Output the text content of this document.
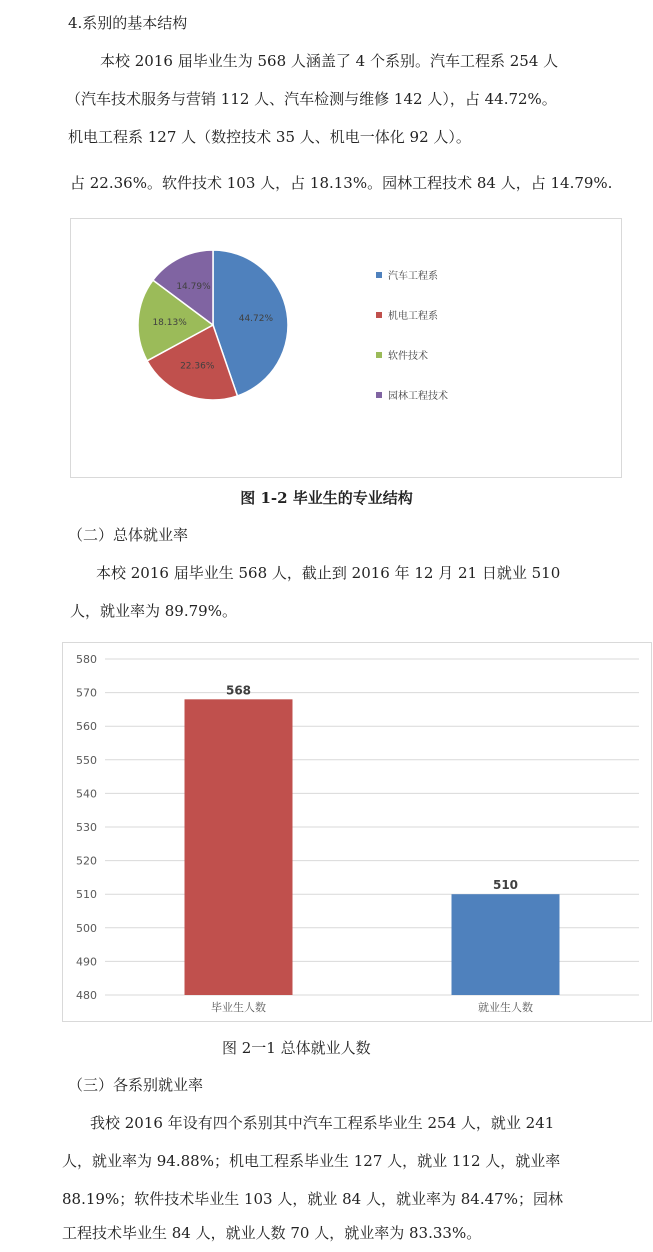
4.系别的基本结构
本校 2016 届毕业生为 568 人涵盖了 4 个系别。汽车工程系 254 人
（汽车技术服务与营销 112 人、汽车检测与维修 142 人），占 44.72%。
机电工程系 127 人（数控技术 35 人、机电一体化 92 人）。
占 22.36%。软件技术 103 人，占 18.13%。园林工程技术 84 人，占 14.79%.
44.72%
22.36%
18.13%
14.79%
汽车工程系
机电工程系
软件技术
园林工程技术
图 1-2 毕业生的专业结构
（二）总体就业率
本校 2016 届毕业生 568 人，截止到 2016 年 12 月 21 日就业 510
人，就业率为 89.79%。
480
490
500
510
520
530
540
550
560
570
580
568
毕业生人数
510
就业生人数
图 2一1 总体就业人数
（三）各系别就业率
我校 2016 年设有四个系别其中汽车工程系毕业生 254 人，就业 241
人，就业率为 94.88%；机电工程系毕业生 127 人，就业 112 人，就业率
88.19%；软件技术毕业生 103 人，就业 84 人，就业率为 84.47%；园林
工程技术毕业生 84 人，就业人数 70 人，就业率为 83.33%。
